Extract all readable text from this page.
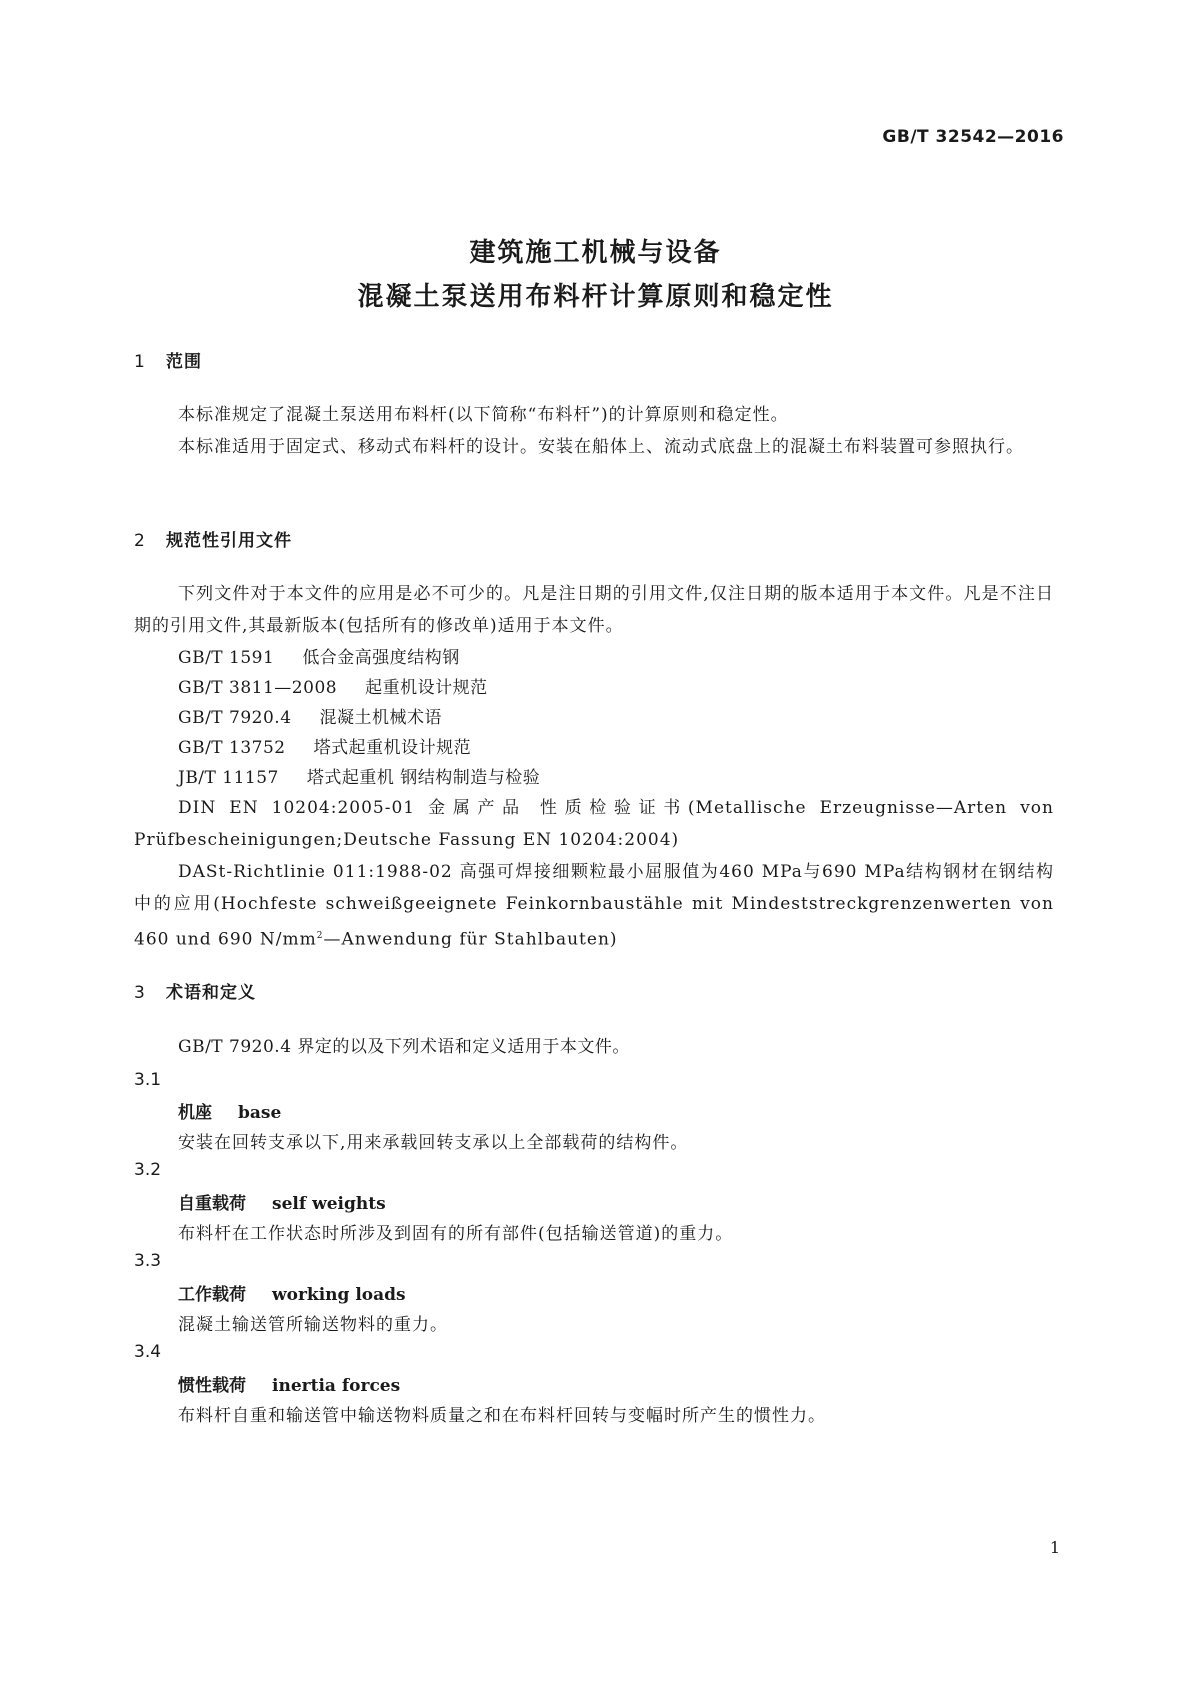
GB/T 32542—2016
建筑施工机械与设备
混凝土泵送用布料杆计算原则和稳定性
1 范围

本标准规定了混凝土泵送用布料杆(以下简称“布料杆”)的计算原则和稳定性。

本标准适用于固定式、移动式布料杆的设计。安装在船体上、流动式底盘上的混凝土布料装置可参照执行。

2 规范性引用文件

下列文件对于本文件的应用是必不可少的。凡是注日期的引用文件,仅注日期的版本适用于本文件。凡是不注日期的引用文件,其最新版本(包括所有的修改单)适用于本文件。

GB/T 1591 低合金高强度结构钢

GB/T 3811—2008 起重机设计规范

GB/T 7920.4 混凝土机械术语

GB/T 13752 塔式起重机设计规范

JB/T 11157 塔式起重机 钢结构制造与检验

DIN EN 10204:2005-01 金属产品 性质检验证书(Metallische Erzeugnisse—Arten von Prüfbescheinigungen;Deutsche Fassung EN 10204:2004)

DASt-Richtlinie 011:1988-02 高强可焊接细颗粒最小屈服值为460 MPa与690 MPa结构钢材在钢结构中的应用(Hochfeste schweißgeeignete Feinkornbaustähle mit Mindeststreckgrenzenwerten von 460 und 690 $N/mm^2—Anwendung$ für Stahlbauten)

3 术语和定义

GB/T 7920.4 界定的以及下列术语和定义适用于本文件。

3.1
机座 base
安装在回转支承以下,用来承载回转支承以上全部载荷的结构件。
3.2
自重载荷 self weights
布料杆在工作状态时所涉及到固有的所有部件(包括输送管道)的重力。
3.3
工作载荷 working loads
混凝土输送管所输送物料的重力。
3.4
惯性载荷 inertia forces
布料杆自重和输送管中输送物料质量之和在布料杆回转与变幅时所产生的惯性力。
1
